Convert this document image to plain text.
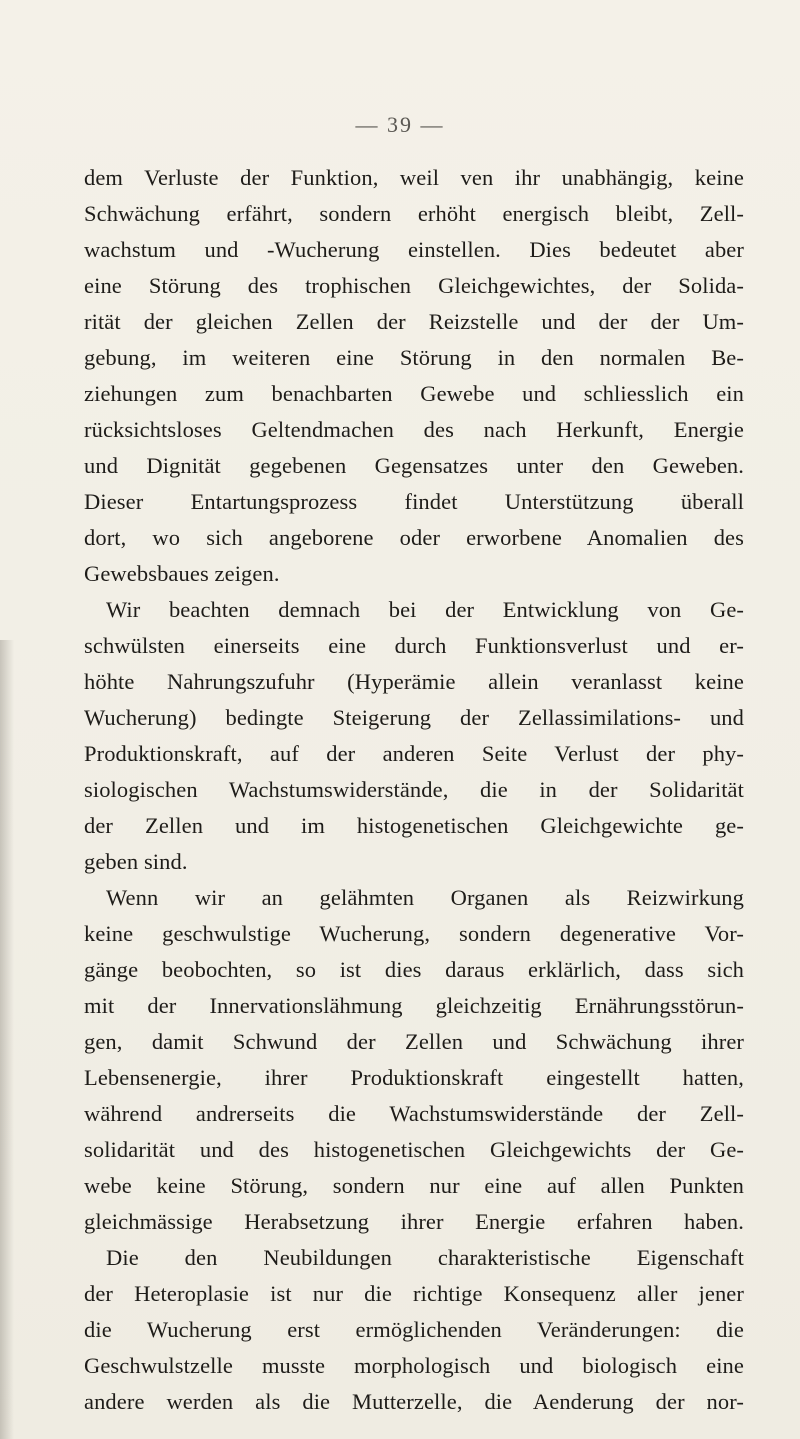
— 39 —
dem Verluste der Funktion, weil ven ihr unabhängig, keine
Schwächung erfährt, sondern erhöht energisch bleibt, Zell-
wachstum und -Wucherung einstellen. Dies bedeutet aber
eine Störung des trophischen Gleichgewichtes, der Solida-
rität der gleichen Zellen der Reizstelle und der der Um-
gebung, im weiteren eine Störung in den normalen Be-
ziehungen zum benachbarten Gewebe und schliesslich ein
rücksichtsloses Geltendmachen des nach Herkunft, Energie
und Dignität gegebenen Gegensatzes unter den Geweben.
Dieser Entartungsprozess findet Unterstützung überall
dort, wo sich angeborene oder erworbene Anomalien des
Gewebsbaues zeigen.
Wir beachten demnach bei der Entwicklung von Ge-
schwülsten einerseits eine durch Funktionsverlust und er-
höhte Nahrungszufuhr (Hyperämie allein veranlasst keine
Wucherung) bedingte Steigerung der Zellassimilations- und
Produktionskraft, auf der anderen Seite Verlust der phy-
siologischen Wachstumswiderstände, die in der Solidarität
der Zellen und im histogenetischen Gleichgewichte ge-
geben sind.
Wenn wir an gelähmten Organen als Reizwirkung
keine geschwulstige Wucherung, sondern degenerative Vor-
gänge beobochten, so ist dies daraus erklärlich, dass sich
mit der Innervationslähmung gleichzeitig Ernährungsstörun-
gen, damit Schwund der Zellen und Schwächung ihrer
Lebensenergie, ihrer Produktionskraft eingestellt hatten,
während andrerseits die Wachstumswiderstände der Zell-
solidarität und des histogenetischen Gleichgewichts der Ge-
webe keine Störung, sondern nur eine auf allen Punkten
gleichmässige Herabsetzung ihrer Energie erfahren haben.
Die den Neubildungen charakteristische Eigenschaft
der Heteroplasie ist nur die richtige Konsequenz aller jener
die Wucherung erst ermöglichenden Veränderungen: die
Geschwulstzelle musste morphologisch und biologisch eine
andere werden als die Mutterzelle, die Aenderung der nor-
